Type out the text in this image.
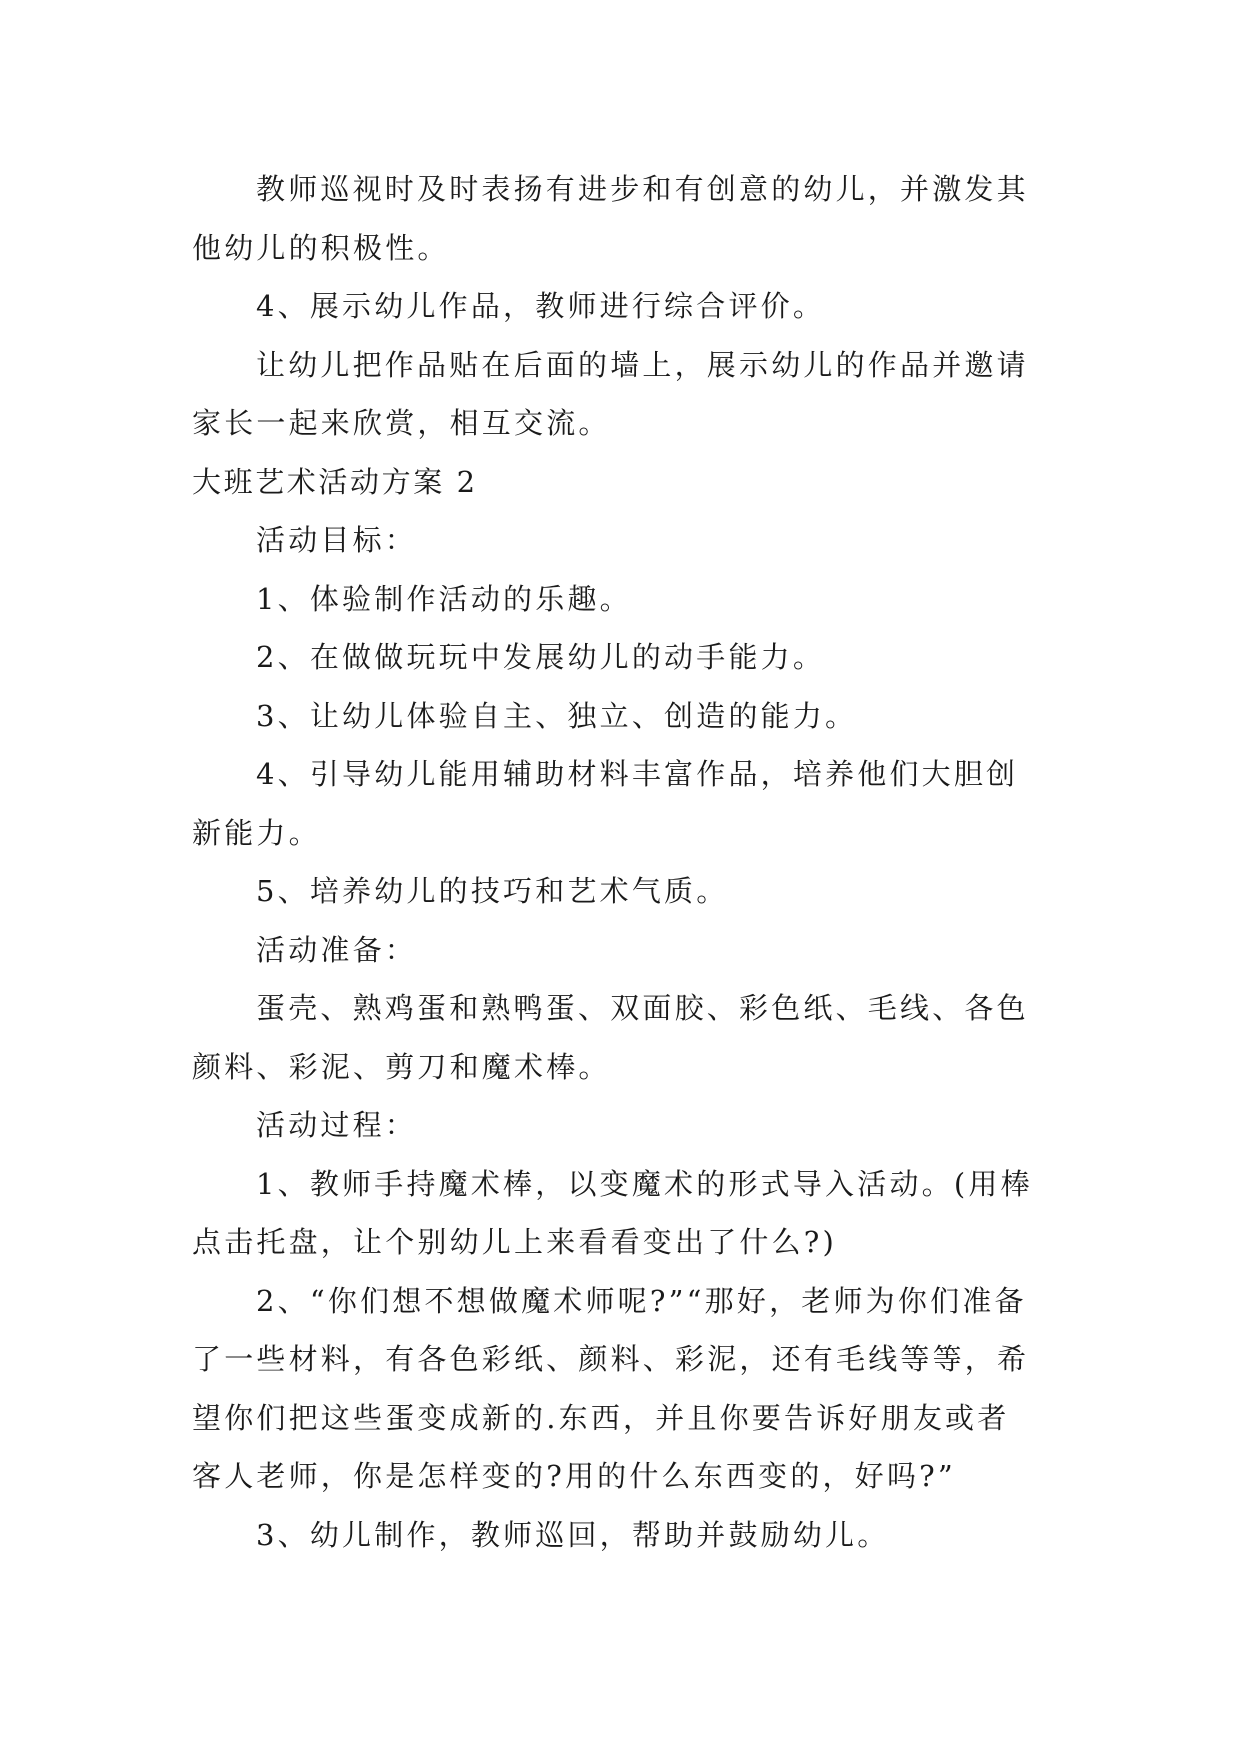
教师巡视时及时表扬有进步和有创意的幼儿，并激发其
他幼儿的积极性。
4、展示幼儿作品，教师进行综合评价。
让幼儿把作品贴在后面的墙上，展示幼儿的作品并邀请
家长一起来欣赏，相互交流。
大班艺术活动方案 2
活动目标：
1、体验制作活动的乐趣。
2、在做做玩玩中发展幼儿的动手能力。
3、让幼儿体验自主、独立、创造的能力。
4、引导幼儿能用辅助材料丰富作品，培养他们大胆创
新能力。
5、培养幼儿的技巧和艺术气质。
活动准备：
蛋壳、熟鸡蛋和熟鸭蛋、双面胶、彩色纸、毛线、各色
颜料、彩泥、剪刀和魔术棒。
活动过程：
1、教师手持魔术棒，以变魔术的形式导入活动。(用棒
点击托盘，让个别幼儿上来看看变出了什么?)
2、“你们想不想做魔术师呢?”“那好，老师为你们准备
了一些材料，有各色彩纸、颜料、彩泥，还有毛线等等，希
望你们把这些蛋变成新的.东西，并且你要告诉好朋友或者
客人老师，你是怎样变的?用的什么东西变的，好吗?”
3、幼儿制作，教师巡回，帮助并鼓励幼儿。
